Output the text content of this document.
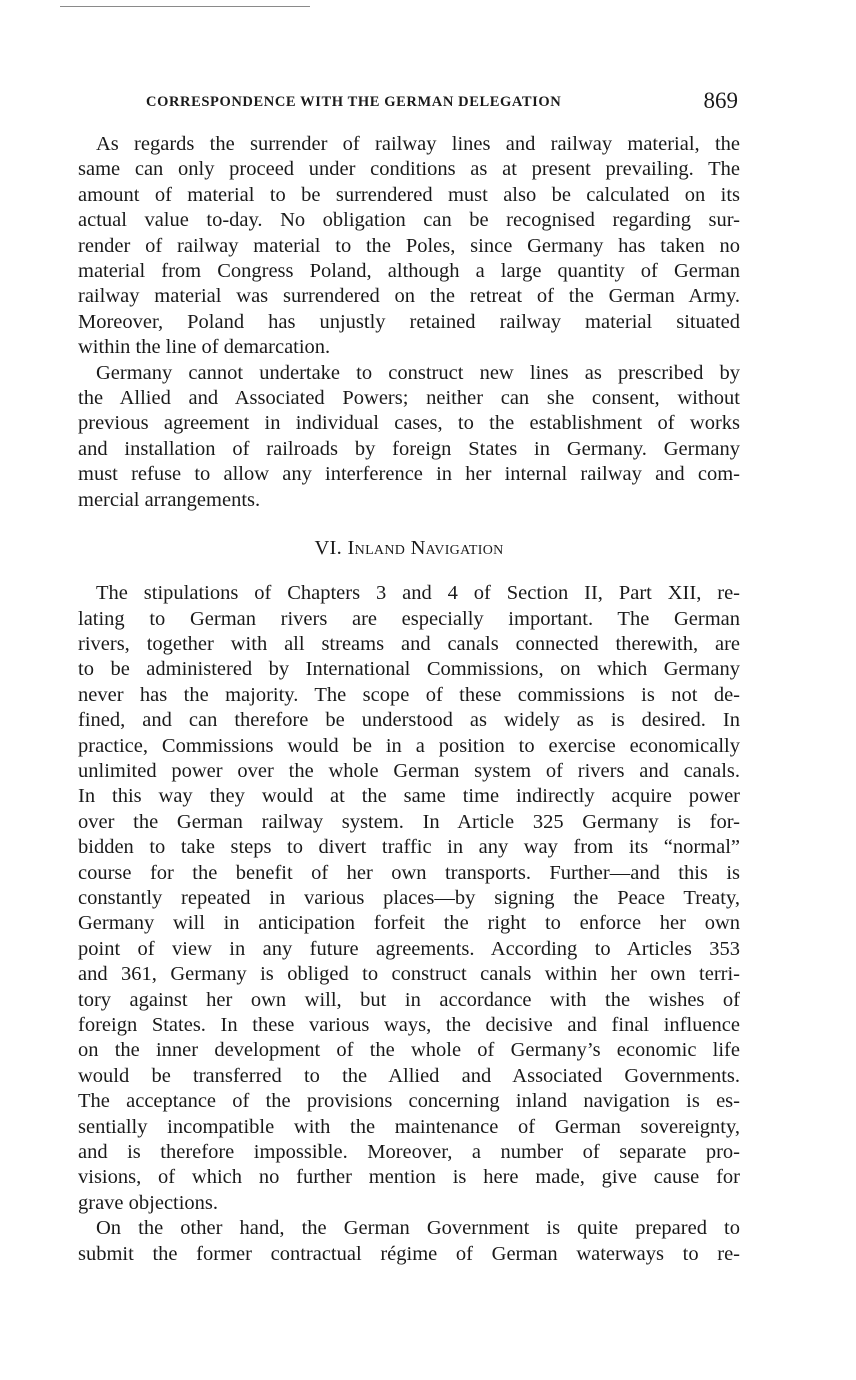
CORRESPONDENCE WITH THE GERMAN DELEGATION	869

As regards the surrender of railway lines and railway material, the
same can only proceed under conditions as at present prevailing. The
amount of material to be surrendered must also be calculated on its
actual value to-day. No obligation can be recognised regarding sur-
render of railway material to the Poles, since Germany has taken no
material from Congress Poland, although a large quantity of German
railway material was surrendered on the retreat of the German Army.
Moreover, Poland has unjustly retained railway material situated
within the line of demarcation.

Germany cannot undertake to construct new lines as prescribed by
the Allied and Associated Powers; neither can she consent, without
previous agreement in individual cases, to the establishment of works
and installation of railroads by foreign States in Germany. Germany
must refuse to allow any interference in her internal railway and com-
mercial arrangements.

VI. Inland Navigation

The stipulations of Chapters 3 and 4 of Section II, Part XII, re-
lating to German rivers are especially important. The German
rivers, together with all streams and canals connected therewith, are
to be administered by International Commissions, on which Germany
never has the majority. The scope of these commissions is not de-
fined, and can therefore be understood as widely as is desired. In
practice, Commissions would be in a position to exercise economically
unlimited power over the whole German system of rivers and canals.
In this way they would at the same time indirectly acquire power
over the German railway system. In Article 325 Germany is for-
bidden to take steps to divert traffic in any way from its “normal”
course for the benefit of her own transports. Further—and this is
constantly repeated in various places—by signing the Peace Treaty,
Germany will in anticipation forfeit the right to enforce her own
point of view in any future agreements. According to Articles 353
and 361, Germany is obliged to construct canals within her own terri-
tory against her own will, but in accordance with the wishes of
foreign States. In these various ways, the decisive and final influence
on the inner development of the whole of Germany’s economic life
would be transferred to the Allied and Associated Governments.
The acceptance of the provisions concerning inland navigation is es-
sentially incompatible with the maintenance of German sovereignty,
and is therefore impossible. Moreover, a number of separate pro-
visions, of which no further mention is here made, give cause for
grave objections.

On the other hand, the German Government is quite prepared to
submit the former contractual régime of German waterways to re-
